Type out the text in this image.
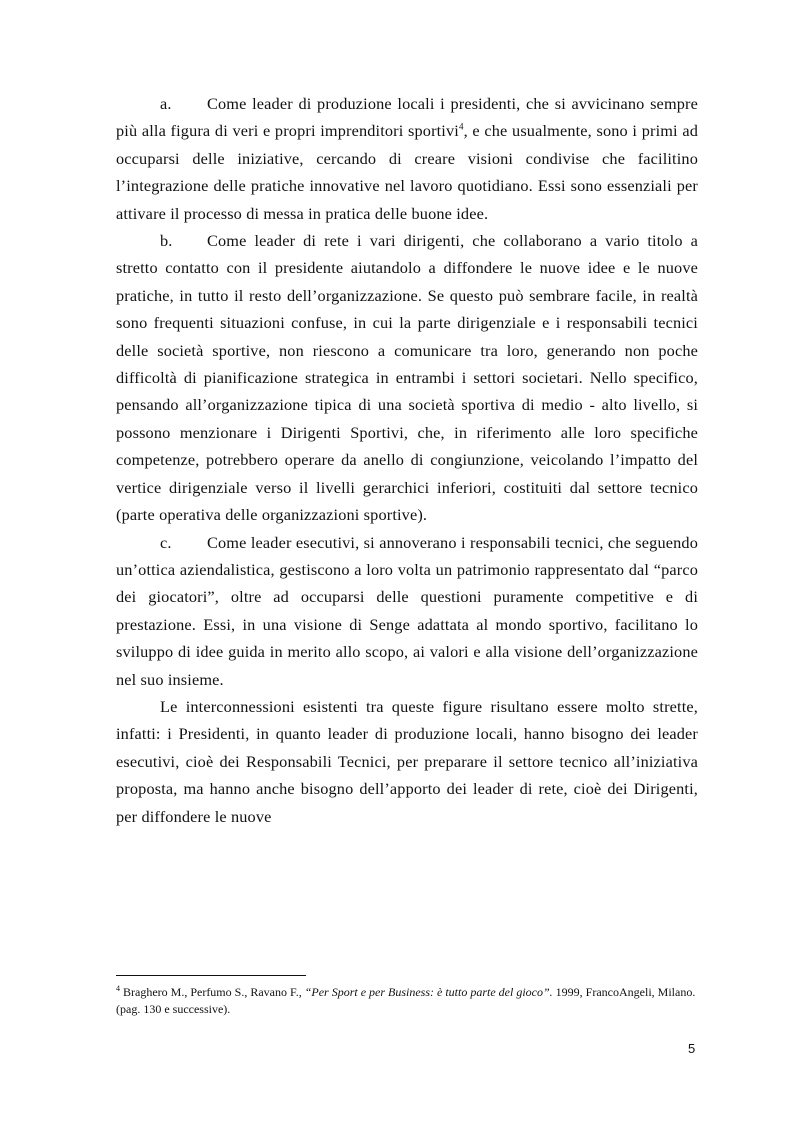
a. Come leader di produzione locali i presidenti, che si avvicinano sempre più alla figura di veri e propri imprenditori sportivi$^4$, e che usualmente, sono i primi ad occuparsi delle iniziative, cercando di creare visioni condivise che facilitino l’integrazione delle pratiche innovative nel lavoro quotidiano. Essi sono essenziali per attivare il processo di messa in pratica delle buone idee.

b. Come leader di rete i vari dirigenti, che collaborano a vario titolo a stretto contatto con il presidente aiutandolo a diffondere le nuove idee e le nuove pratiche, in tutto il resto dell’organizzazione. Se questo può sembrare facile, in realtà sono frequenti situazioni confuse, in cui la parte dirigenziale e i responsabili tecnici delle società sportive, non riescono a comunicare tra loro, generando non poche difficoltà di pianificazione strategica in entrambi i settori societari. Nello specifico, pensando all’organizzazione tipica di una società sportiva di medio - alto livello, si possono menzionare i Dirigenti Sportivi, che, in riferimento alle loro specifiche competenze, potrebbero operare da anello di congiunzione, veicolando l’impatto del vertice dirigenziale verso il livelli gerarchici inferiori, costituiti dal settore tecnico (parte operativa delle organizzazioni sportive).

c. Come leader esecutivi, si annoverano i responsabili tecnici, che seguendo un’ottica aziendalistica, gestiscono a loro volta un patrimonio rappresentato dal “parco dei giocatori”, oltre ad occuparsi delle questioni puramente competitive e di prestazione. Essi, in una visione di Senge adattata al mondo sportivo, facilitano lo sviluppo di idee guida in merito allo scopo, ai valori e alla visione dell’organizzazione nel suo insieme.

Le interconnessioni esistenti tra queste figure risultano essere molto strette, infatti: i Presidenti, in quanto leader di produzione locali, hanno bisogno dei leader esecutivi, cioè dei Responsabili Tecnici, per preparare il settore tecnico all’iniziativa proposta, ma hanno anche bisogno dell’apporto dei leader di rete, cioè dei Dirigenti, per diffondere le nuove

$^4$ Braghero M., Perfumo S., Ravano F., “Per Sport e per Business: è tutto parte del gioco”. 1999, FrancoAngeli, Milano. (pag. 130 e successive).

5
